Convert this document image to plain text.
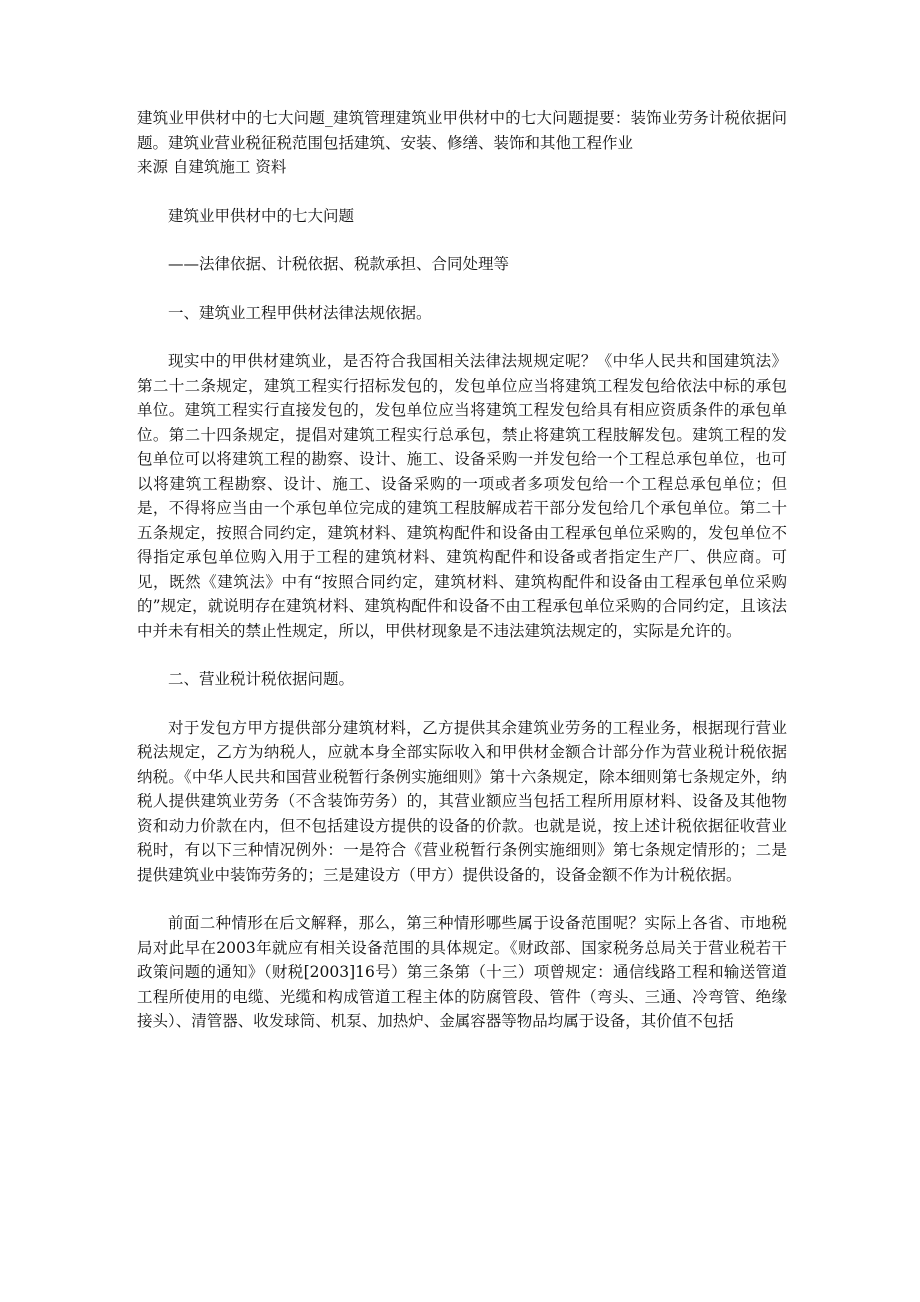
建筑业甲供材中的七大问题_建筑管理建筑业甲供材中的七大问题提要：装饰业劳务计税依据问题。建筑业营业税征税范围包括建筑、安装、修缮、装饰和其他工程作业

来源 自建筑施工 资料

建筑业甲供材中的七大问题

——法律依据、计税依据、税款承担、合同处理等

一、建筑业工程甲供材法律法规依据。

现实中的甲供材建筑业，是否符合我国相关法律法规规定呢？《中华人民共和国建筑法》第二十二条规定，建筑工程实行招标发包的，发包单位应当将建筑工程发包给依法中标的承包单位。建筑工程实行直接发包的，发包单位应当将建筑工程发包给具有相应资质条件的承包单位。第二十四条规定，提倡对建筑工程实行总承包，禁止将建筑工程肢解发包。建筑工程的发包单位可以将建筑工程的勘察、设计、施工、设备采购一并发包给一个工程总承包单位，也可以将建筑工程勘察、设计、施工、设备采购的一项或者多项发包给一个工程总承包单位；但是，不得将应当由一个承包单位完成的建筑工程肢解成若干部分发包给几个承包单位。第二十五条规定，按照合同约定，建筑材料、建筑构配件和设备由工程承包单位采购的，发包单位不得指定承包单位购入用于工程的建筑材料、建筑构配件和设备或者指定生产厂、供应商。可见，既然《建筑法》中有“按照合同约定，建筑材料、建筑构配件和设备由工程承包单位采购的”规定，就说明存在建筑材料、建筑构配件和设备不由工程承包单位采购的合同约定，且该法中并未有相关的禁止性规定，所以，甲供材现象是不违法建筑法规定的，实际是允许的。

二、营业税计税依据问题。

对于发包方甲方提供部分建筑材料，乙方提供其余建筑业劳务的工程业务，根据现行营业税法规定，乙方为纳税人，应就本身全部实际收入和甲供材金额合计部分作为营业税计税依据纳税。《中华人民共和国营业税暂行条例实施细则》第十六条规定，除本细则第七条规定外，纳税人提供建筑业劳务（不含装饰劳务）的，其营业额应当包括工程所用原材料、设备及其他物资和动力价款在内，但不包括建设方提供的设备的价款。也就是说，按上述计税依据征收营业税时，有以下三种情况例外：一是符合《营业税暂行条例实施细则》第七条规定情形的；二是提供建筑业中装饰劳务的；三是建设方（甲方）提供设备的，设备金额不作为计税依据。

前面二种情形在后文解释，那么，第三种情形哪些属于设备范围呢？实际上各省、市地税局对此早在2003年就应有相关设备范围的具体规定。《财政部、国家税务总局关于营业税若干政策问题的通知》（财税[2003]16号）第三条第（十三）项曾规定：通信线路工程和输送管道工程所使用的电缆、光缆和构成管道工程主体的防腐管段、管件（弯头、三通、冷弯管、绝缘接头）、清管器、收发球筒、机泵、加热炉、金属容器等物品均属于设备，其价值不包括
